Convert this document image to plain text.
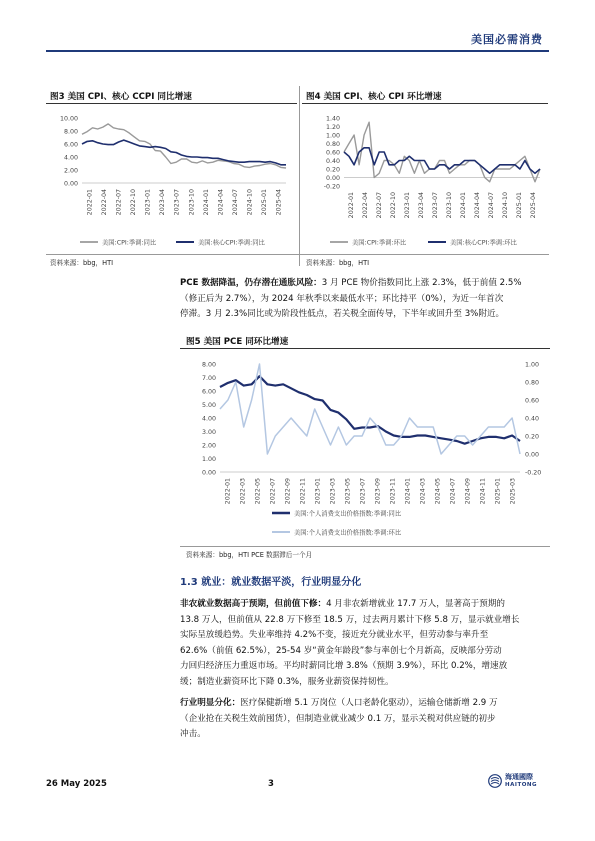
美国必需消费
图3 美国 CPI、核心 CCPI 同比增速
10.00
8.00
6.00
4.00
2.00
0.00
2022-01 2022-04 2022-07 2022-10 2023-01 2023-04 2023-07 2023-10 2024-01 2024-04 2024-07 2024-10 2025-01 2025-04
美国:CPI:季调:同比	美国:核心CPI:季调:同比
图4 美国 CPI、核心 CPI 环比增速
1.40
1.20
1.00
0.80
0.60
0.40
0.20
0.00
-0.20
2022-01 2022-04 2022-07 2022-10 2023-01 2023-04 2023-07 2023-10 2024-01 2024-04 2024-07 2024-10 2025-01 2025-04
美国:CPI:季调:环比	美国:核心CPI:季调:环比
资料来源：bbg，HTI	资料来源：bbg，HTI
PCE 数据降温，仍存潜在通胀风险：3 月 PCE 物价指数同比上涨 2.3%，低于前值 2.5%
（修正后为 2.7%），为 2024 年秋季以来最低水平；环比持平（0%），为近一年首次
停滞。3 月 2.3%同比或为阶段性低点，若关税全面传导，下半年或回升至 3%附近。
图5 美国 PCE 同环比增速
8.00
7.00
6.00
5.00
4.00
3.00
2.00
1.00
0.00
1.00
0.80
0.60
0.40
0.20
0.00
-0.20
2022-01 2022-03 2022-05 2022-07 2022-09 2022-11 2023-01 2023-03 2023-05 2023-07 2023-09 2023-11 2024-01 2024-03 2024-05 2024-07 2024-09 2024-11 2025-01 2025-03
美国:个人消费支出价格指数:季调:同比
美国:个人消费支出价格指数:季调:环比
资料来源：bbg，HTI PCE 数据滞后一个月
1.3 就业：就业数据平淡，行业明显分化
非农就业数据高于预期，但前值下修：4 月非农新增就业 17.7 万人，显著高于预期的
13.8 万人，但前值从 22.8 万下修至 18.5 万，过去两月累计下修 5.8 万，显示就业增长
实际呈放缓趋势。失业率维持 4.2%不变，接近充分就业水平，但劳动参与率升至
62.6%（前值 62.5%），25-54 岁“黄金年龄段”参与率创七个月新高，反映部分劳动
力回归经济压力重返市场。平均时薪同比增 3.8%（预期 3.9%），环比 0.2%，增速放
缓；制造业薪资环比下降 0.3%，服务业薪资保持韧性。
行业明显分化：医疗保健新增 5.1 万岗位（人口老龄化驱动），运输仓储新增 2.9 万
（企业抢在关税生效前囤货），但制造业就业减少 0.1 万，显示关税对供应链的初步
冲击。
26 May 2025	3
海通國際
HAITONG
